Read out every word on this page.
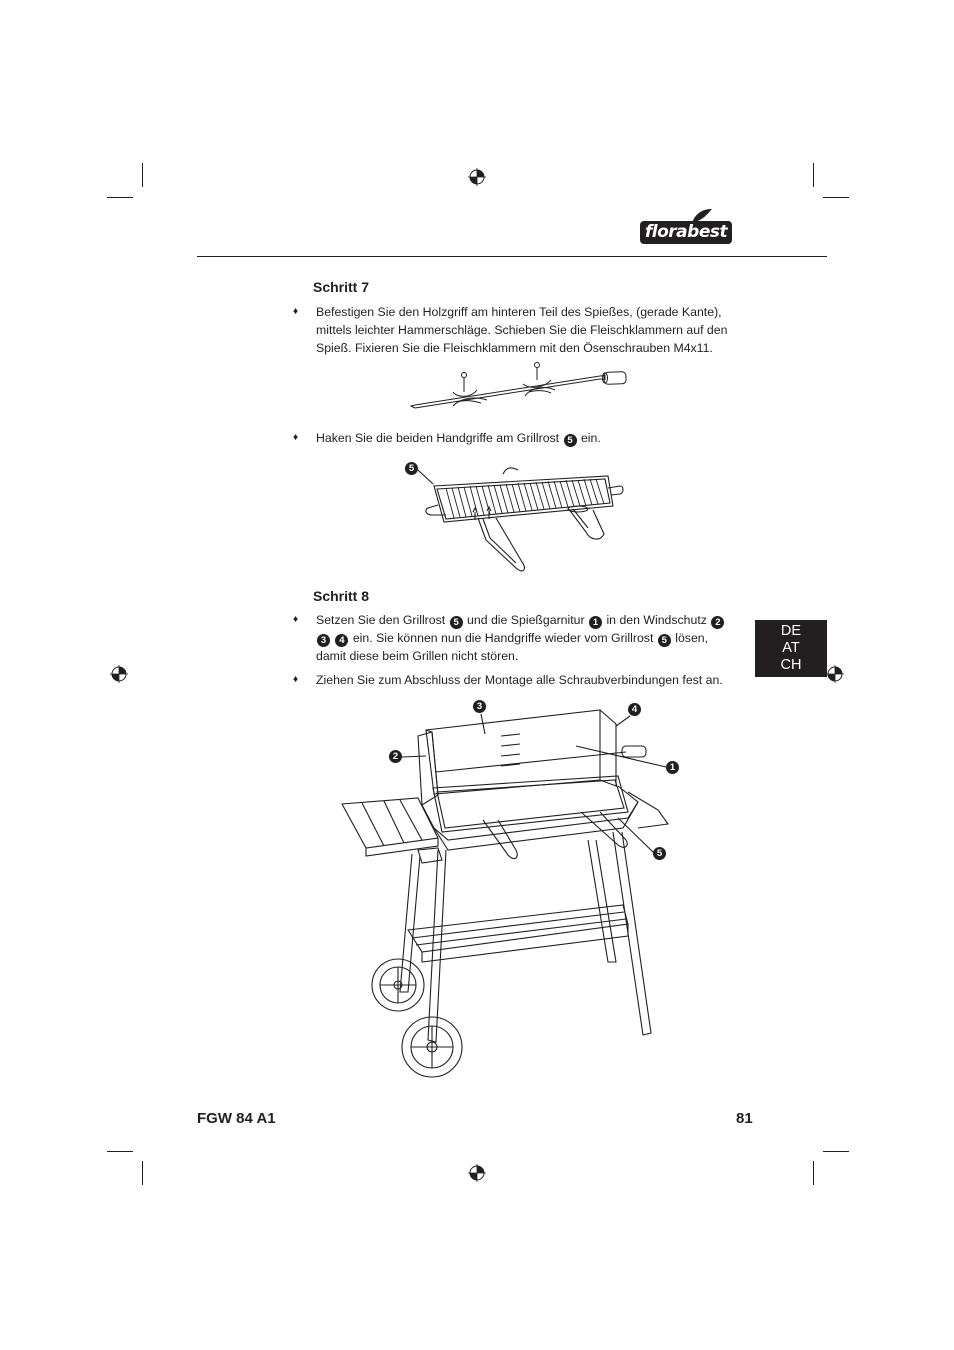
florabest
Schritt 7
♦ Befestigen Sie den Holzgriff am hinteren Teil des Spießes, (gerade Kante), mittels leichter Hammerschläge. Schieben Sie die Fleischklammern auf den Spieß. Fixieren Sie die Fleischklammern mit den Ösenschrauben M4x11.
♦ Haken Sie die beiden Handgriffe am Grillrost 5 ein.
5
Schritt 8
♦ Setzen Sie den Grillrost 5 und die Spießgarnitur 1 in den Windschutz 2 3 4 ein. Sie können nun die Handgriffe wieder vom Grillrost 5 lösen, damit diese beim Grillen nicht stören.
♦ Ziehen Sie zum Abschluss der Montage alle Schraubverbindungen fest an.
DE
AT
CH
3	4
2
1
5
FGW 84 A1	81
